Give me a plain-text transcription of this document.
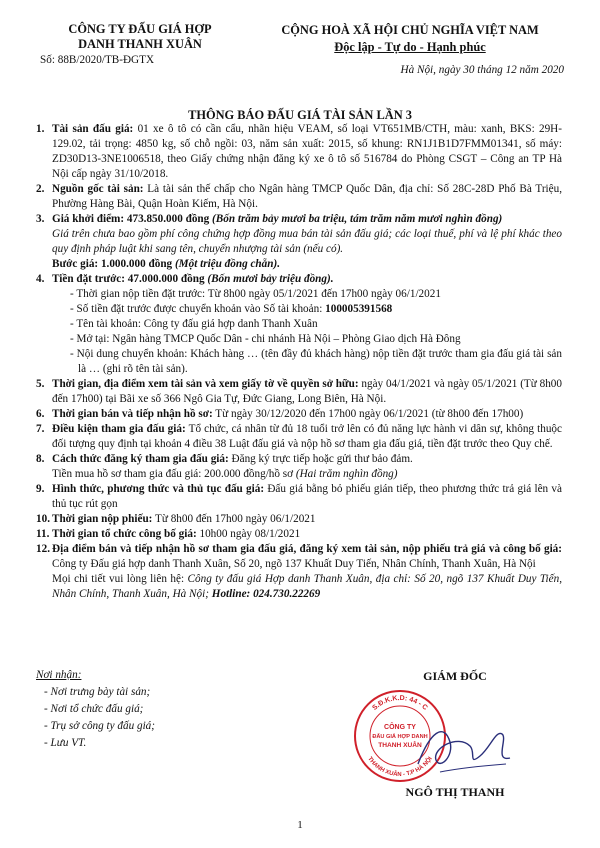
CÔNG TY ĐẤU GIÁ HỢP
DANH THANH XUÂN
Số: 88B/2020/TB-ĐGTX
CỘNG HOÀ XÃ HỘI CHỦ NGHĨA VIỆT NAM
Độc lập - Tự do - Hạnh phúc
Hà Nội, ngày 30 tháng 12 năm 2020
THÔNG BÁO ĐẤU GIÁ TÀI SẢN LẦN 3
1. Tài sản đấu giá: 01 xe ô tô có cần cẩu, nhãn hiệu VEAM, số loại VT651MB/CTH, màu: xanh, BKS: 29H-129.02, tải trọng: 4850 kg, số chỗ ngồi: 03, năm sản xuất: 2015, số khung: RN1J1B1D7FMM01341, số máy: ZD30D13-3NE1006518, theo Giấy chứng nhận đăng ký xe ô tô số 516784 do Phòng CSGT – Công an TP Hà Nội cấp ngày 31/10/2018.
2. Nguồn gốc tài sản: Là tài sản thế chấp cho Ngân hàng TMCP Quốc Dân, địa chỉ: Số 28C-28D Phố Bà Triệu, Phường Hàng Bài, Quận Hoàn Kiếm, Hà Nội.
3. Giá khởi điểm: 473.850.000 đồng (Bốn trăm bảy mươi ba triệu, tám trăm năm mươi nghìn đồng)
Giá trên chưa bao gồm phí công chứng hợp đồng mua bán tài sản đấu giá; các loại thuế, phí và lệ phí khác theo quy định pháp luật khi sang tên, chuyển nhượng tài sản (nếu có).
Bước giá: 1.000.000 đồng (Một triệu đồng chẵn).
4. Tiền đặt trước: 47.000.000 đồng (Bốn mươi bảy triệu đồng).
- Thời gian nộp tiền đặt trước: Từ 8h00 ngày 05/1/2021 đến 17h00 ngày 06/1/2021
- Số tiền đặt trước được chuyển khoản vào Số tài khoản: 100005391568
- Tên tài khoản: Công ty đấu giá hợp danh Thanh Xuân
- Mở tại: Ngân hàng TMCP Quốc Dân - chi nhánh Hà Nội – Phòng Giao dịch Hà Đông
- Nội dung chuyển khoản: Khách hàng … (tên đầy đủ khách hàng) nộp tiền đặt trước tham gia đấu giá tài sản là … (ghi rõ tên tài sản).
5. Thời gian, địa điểm xem tài sản và xem giấy tờ về quyền sở hữu: ngày 04/1/2021 và ngày 05/1/2021 (Từ 8h00 đến 17h00) tại Bãi xe số 366 Ngô Gia Tự, Đức Giang, Long Biên, Hà Nội.
6. Thời gian bán và tiếp nhận hồ sơ: Từ ngày 30/12/2020 đến 17h00 ngày 06/1/2021 (từ 8h00 đến 17h00)
7. Điều kiện tham gia đấu giá: Tổ chức, cá nhân từ đủ 18 tuổi trở lên có đủ năng lực hành vi dân sự, không thuộc đối tượng quy định tại khoản 4 điều 38 Luật đấu giá và nộp hồ sơ tham gia đấu giá, tiền đặt trước theo Quy chế.
8. Cách thức đăng ký tham gia đấu giá: Đăng ký trực tiếp hoặc gửi thư bảo đảm.
Tiền mua hồ sơ tham gia đấu giá: 200.000 đồng/hồ sơ (Hai trăm nghìn đồng)
9. Hình thức, phương thức và thủ tục đấu giá: Đấu giá bằng bỏ phiếu gián tiếp, theo phương thức trả giá lên và thủ tục rút gọn
10. Thời gian nộp phiếu: Từ 8h00 đến 17h00 ngày 06/1/2021
11. Thời gian tổ chức công bố giá: 10h00 ngày 08/1/2021
12. Địa điểm bán và tiếp nhận hồ sơ tham gia đấu giá, đăng ký xem tài sản, nộp phiếu trả giá và công bố giá: Công ty Đấu giá hợp danh Thanh Xuân, Số 20, ngõ 137 Khuất Duy Tiến, Nhân Chính, Thanh Xuân, Hà Nội
Mọi chi tiết vui lòng liên hệ: Công ty đấu giá Hợp danh Thanh Xuân, địa chỉ: Số 20, ngõ 137 Khuất Duy Tiến, Nhân Chính, Thanh Xuân, Hà Nội; Hotline: 024.730.22269
Nơi nhận:
- Nơi trưng bày tài sản;
- Nơi tổ chức đấu giá;
- Trụ sở công ty đấu giá;
- Lưu VT.
GIÁM ĐỐC
NGÔ THỊ THANH
S.Đ.K.K.D: 44 - C
THANH XUÂN - T.P HÀ NỘI
CÔNG TY
ĐẤU GIÁ HỢP DANH
THANH XUÂN
1
